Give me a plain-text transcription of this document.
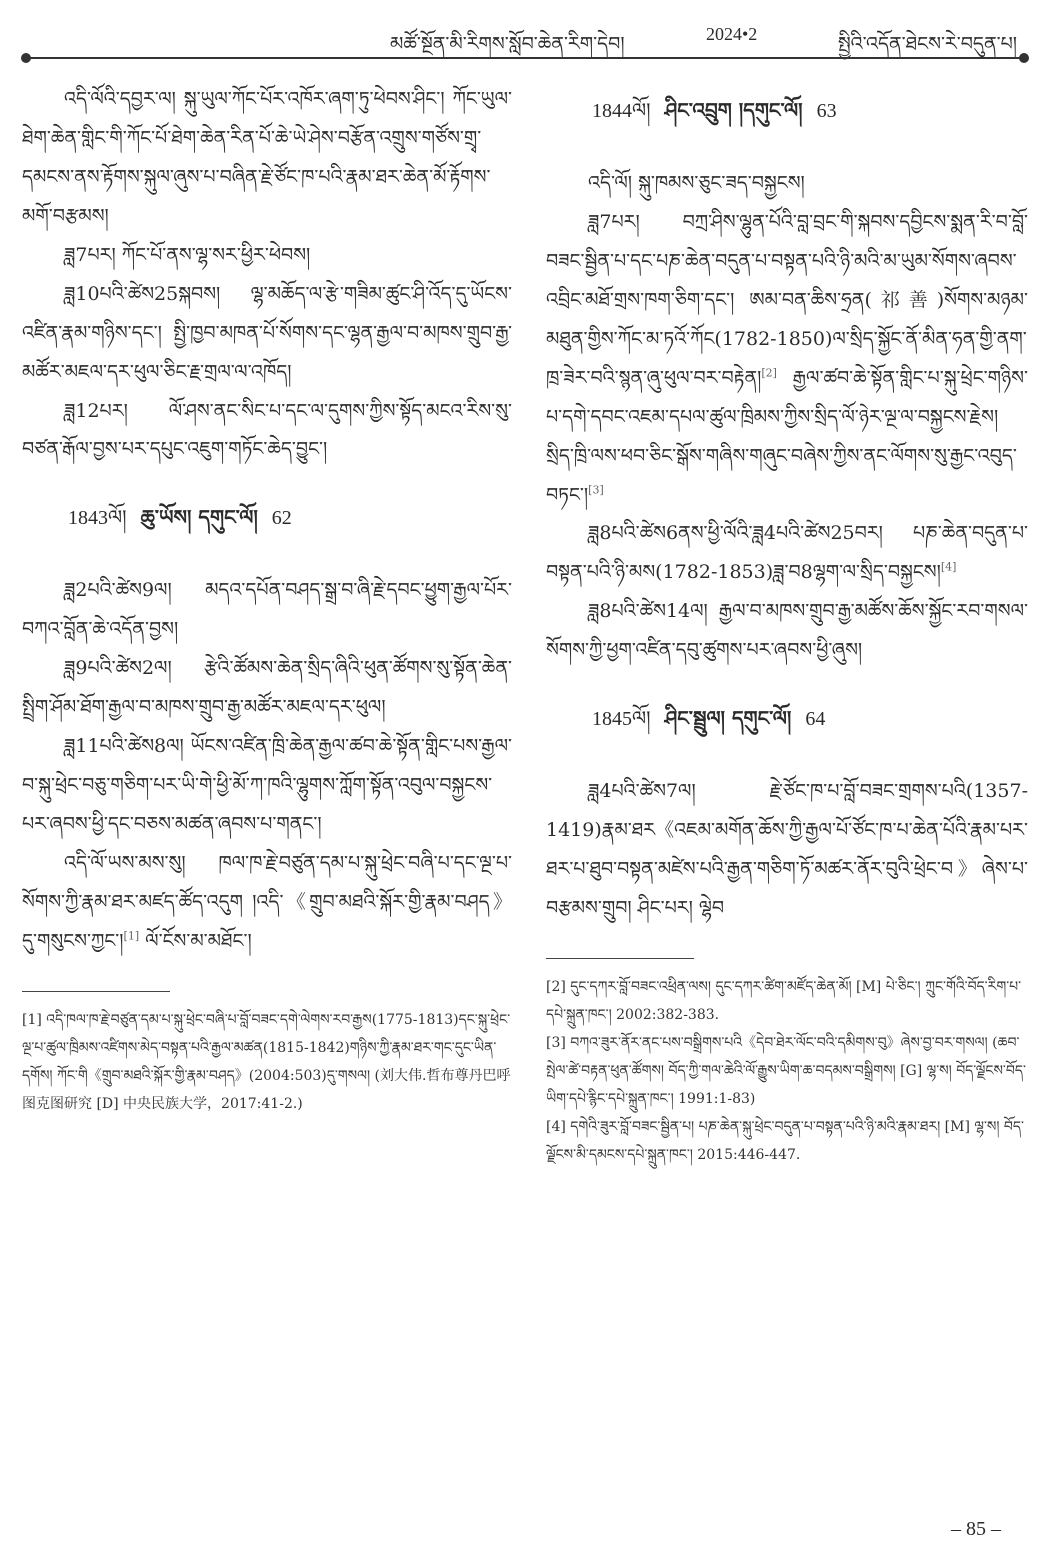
མཚོ་སྔོན་མི་རིགས་སློབ་ཆེན་རིག་དེབ།	2024•2	སྤྱིའི་འདོན་ཐེངས་རེ་བདུན་པ།

འདི་ལོའི་དབྱར་ལ། སྐུ་ཡུལ་ཀོང་པོར་འཁོར་ཞག་ཏུ་ཕེབས་ཤིང་། ཀོང་ཡུལ་ཐེག་ཆེན་གླིང་གི་ཀོང་པོ་ཐེག་ཆེན་རིན་པོ་ཆེ་ཡེ་ཤེས་བརྩོན་འགྲུས་གཙོས་གྲྭ་དམངས་ནས་རྟོགས་སྐུལ་ཞུས་པ་བཞིན་རྗེ་ཙོང་ཁ་པའི་རྣམ་ཐར་ཆེན་མོ་རྟོགས་མགོ་བརྩམས།

ཟླ7པར། ཀོང་པོ་ནས་ལྷ་སར་ཕྱིར་ཕེབས།

ཟླ10པའི་ཚེས25སྐབས། ལྷ་མཆོད་ལ་རྩེ་གཟིམ་ཚུང་ཤི་འོད་དུ་ཡོངས་འཛིན་རྣམ་གཉིས་དང་། སྤྱི་ཁྱབ་མཁན་པོ་སོགས་དང་ལྷན་རྒྱལ་བ་མཁས་གྲུབ་རྒྱ་མཚོར་མཇལ་དར་ཕུལ་ཅིང་རྗ་གྲལ་ལ་འཁོད།

ཟླ12པར། ལོ་ཤས་ནང་སིང་པ་དང་ལ་དུགས་ཀྱིས་སྟོད་མངའ་རིས་སུ་བཙན་རྒོལ་བྱས་པར་དཔུང་འཇུག་གཏོང་ཆེད་བྱུང་།

1843ལོ། ཆུ་ཡོས། དགུང་ལོ། 62

ཟླ2པའི་ཚེས9ལ། མདའ་དཔོན་བཤད་སྒྲ་བ་ཞི་རྗེ་དབང་ཕྱུག་རྒྱལ་པོར་བཀའ་བློན་ཆེ་འདོན་བྱས།

ཟླ9པའི་ཚེས2ལ། རྩེའི་ཚོམས་ཆེན་སྲིད་ཞིའི་ཕུན་ཚོགས་སུ་སྟོན་ཆེན་སྤྲིག་ཤོམ་ཐོག་རྒྱལ་བ་མཁས་གྲུབ་རྒྱ་མཚོར་མཇལ་དར་ཕུལ།

ཟླ11པའི་ཚེས8ལ། ཡོངས་འཛིན་ཁྲི་ཆེན་རྒྱལ་ཚབ་ཆེ་སྟོན་གླིང་པས་རྒྱལ་བ་སྐུ་ཕྲེང་བཅུ་གཅིག་པར་ཡི་གེ་ཕྱི་མོ་ཀ་ཁའི་ལྷུགས་ཀློག་སྟོན་འབུལ་བསྐྱངས་པར་ཞབས་ཕྱི་དང་བཅས་མཚན་ཞབས་པ་གནང་།

འདི་ལོ་ཡས་མས་སུ། ཁལ་ཁ་རྗེ་བཙུན་དམ་པ་སྐུ་ཕྲེང་བཞི་པ་དང་ལྔ་པ་སོགས་ཀྱི་རྣམ་ཐར་མཛད་ཚོད་འདུག །འདི་《གྲུབ་མཐའི་སྐོར་གྱི་རྣམ་བཤད》དུ་གསུངས་ཀྱང་།[1] ལོ་ངོས་མ་མཐོང་།

[1] འདི་ཁལ་ཁ་རྗེ་བཙུན་དམ་པ་སྐུ་ཕྲེང་བཞི་པ་བློ་བཟང་དགེ་ལེགས་རབ་རྒྱས(1775-1813)དང་སྐུ་ཕྲེང་ལྔ་པ་ཚུལ་ཁྲིམས་འཛིགས་མེད་བསྟན་པའི་རྒྱལ་མཚན(1815-1842)གཉིས་ཀྱི་རྣམ་ཐར་གང་དུང་ཡིན་དགོས། ཀོང་གི《གྲུབ་མཐའི་སྐོར་གྱི་རྣམ་བཤད》(2004:503)དུ་གསལ། (刘大伟.哲布尊丹巴呼图克图研究 [D] 中央民族大学，2017:41-2.)

1844ལོ། ཤིང་འབྲུག །དགུང་ལོ། 63

འདི་ལོ། སྐུ་ཁམས་ཅུང་ཟད་བསྐྱངས།

ཟླ7པར། བཀྲ་ཤིས་ལྷུན་པོའི་བླ་བྲང་གི་སྐབས་དབྱིངས་སྨན་རི་བ་བློ་བཟང་སྦྱིན་པ་དང་པཎ་ཆེན་བདུན་པ་བསྟན་པའི་ཉི་མའི་མ་ཡུམ་སོགས་ཞབས་འབྲིང་མཐོ་གྲས་ཁག་ཅིག་དང་། ཨམ་བན་ཆིས་ཧྲན(祁善)སོགས་མཉམ་མཐུན་གྱིས་ཀོང་མ་ཏའོ་ཀོང(1782-1850)ལ་སྲིད་སྐྱོང་ནོ་མིན་ཧན་གྱི་ནག་ཁྲ་ཟེར་བའི་སྙན་ཞུ་ཕུལ་བར་བརྟེན།[2] རྒྱལ་ཚབ་ཆེ་སྟོན་གླིང་པ་སྐུ་ཕྲེང་གཉིས་པ་དགེ་དབང་འཇམ་དཔལ་ཚུལ་ཁྲིམས་ཀྱིས་སྲིད་ལོ་ཉེར་ལྔ་ལ་བསྐྱངས་རྗེས། སྲིད་ཁྲི་ལས་ཕབ་ཅིང་སྒོས་གཞིས་གཞུང་བཞེས་ཀྱིས་ནང་ལོགས་སུ་རྒྱང་འབུད་བཏང་།[3]

ཟླ8པའི་ཚེས6ནས་ཕྱི་ལོའི་ཟླ4པའི་ཚེས25བར། པཎ་ཆེན་བདུན་པ་བསྟན་པའི་ཉི་མས(1782-1853)ཟླ་བ8ལྷག་ལ་སྲིད་བསྐྱངས།[4]

ཟླ8པའི་ཚེས14ལ། རྒྱལ་བ་མཁས་གྲུབ་རྒྱ་མཚོས་ཆོས་སྐྱོང་རབ་གསལ་སོགས་ཀྱི་ཕྱག་འཛིན་དབུ་ཚུགས་པར་ཞབས་ཕྱི་ཞུས།

1845ལོ། ཤིང་སྦྲུལ། དགུང་ལོ། 64

ཟླ4པའི་ཚེས7ལ། རྗེ་ཙོང་ཁ་པ་བློ་བཟང་གྲགས་པའི(1357-1419)རྣམ་ཐར《འཇམ་མགོན་ཆོས་ཀྱི་རྒྱལ་པོ་ཙོང་ཁ་པ་ཆེན་པོའི་རྣམ་པར་ཐར་པ་ཐུབ་བསྟན་མཛེས་པའི་རྒྱན་གཅིག་ཏོ་མཚར་ནོར་བུའི་ཕྲེང་བ》ཞེས་པ་བརྩམས་གྲུབ། ཤིང་པར། ལྷེབ

[2] དུང་དཀར་བློ་བཟང་འཕྲིན་ལས། དུང་དཀར་ཚིག་མཛོད་ཆེན་མོ། [M] པེ་ཅིང་། ཀྲུང་གོའི་བོད་རིག་པ་དཔེ་སྐྲུན་ཁང་། 2002:382-383.

[3] བཀའ་ཟུར་ནོར་ནང་པས་བསྒྲིགས་པའི《དེབ་ཐེར་ལོང་བའི་དམིགས་བུ》ཞེས་བྱ་བར་གསལ། (ཆབ་སྤེལ་ཚེ་བརྟན་ཕུན་ཚོགས། བོད་ཀྱི་གལ་ཆེའི་ལོ་རྒྱུས་ཡིག་ཆ་བདམས་བསྒྲིགས། [G] ལྷ་ས། བོད་ལྗོངས་བོད་ཡིག་དཔེ་རྙིང་དཔེ་སྐྲུན་ཁང་། 1991:1-83)

[4] དགེའི་ཟུར་བློ་བཟང་སྦྱིན་པ། པཎ་ཆེན་སྐུ་ཕྲེང་བདུན་པ་བསྟན་པའི་ཉི་མའི་རྣམ་ཐར། [M] ལྷ་ས། བོད་ལྗོངས་མི་དམངས་དཔེ་སྐྲུན་ཁང་། 2015:446-447.

– 85 –
